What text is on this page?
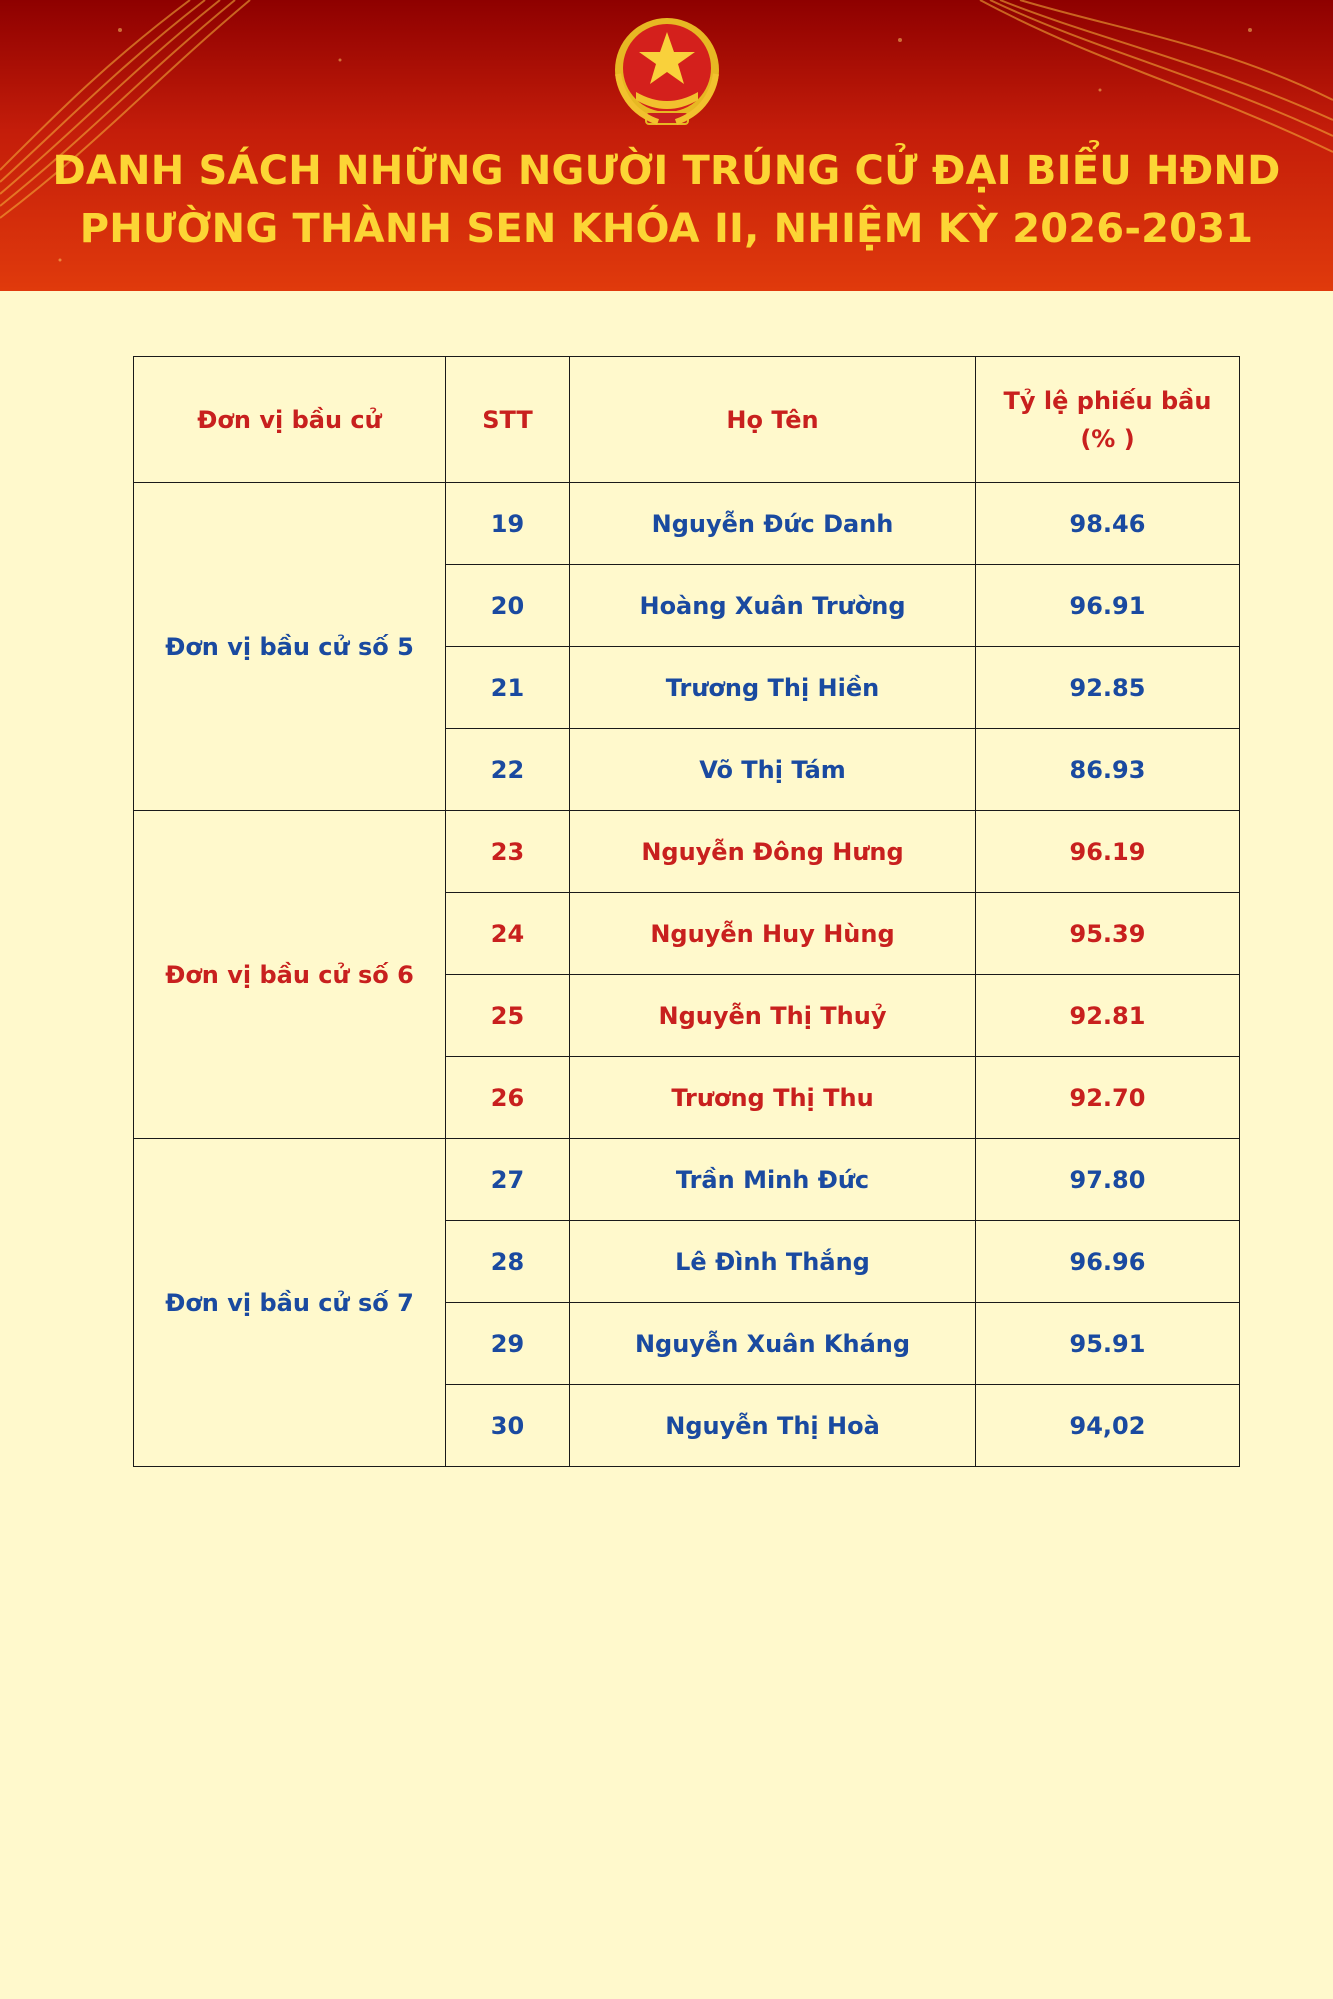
DANH SÁCH NHỮNG NGƯỜI TRÚNG CỬ ĐẠI BIỂU HĐND
PHƯỜNG THÀNH SEN KHÓA II, NHIỆM KỲ 2026-2031
Đơn vị bầu cử	STT	Họ Tên	Tỷ lệ phiếu bầu
(% )
Đơn vị bầu cử số 5	19	Nguyễn Đức Danh	98.46
	20	Hoàng Xuân Trường	96.91
	21	Trương Thị Hiền	92.85
	22	Võ Thị Tám	86.93
Đơn vị bầu cử số 6	23	Nguyễn Đông Hưng	96.19
	24	Nguyễn Huy Hùng	95.39
	25	Nguyễn Thị Thuỷ	92.81
	26	Trương Thị Thu	92.70
Đơn vị bầu cử số 7	27	Trần Minh Đức	97.80
	28	Lê Đình Thắng	96.96
	29	Nguyễn Xuân Kháng	95.91
	30	Nguyễn Thị Hoà	94,02
